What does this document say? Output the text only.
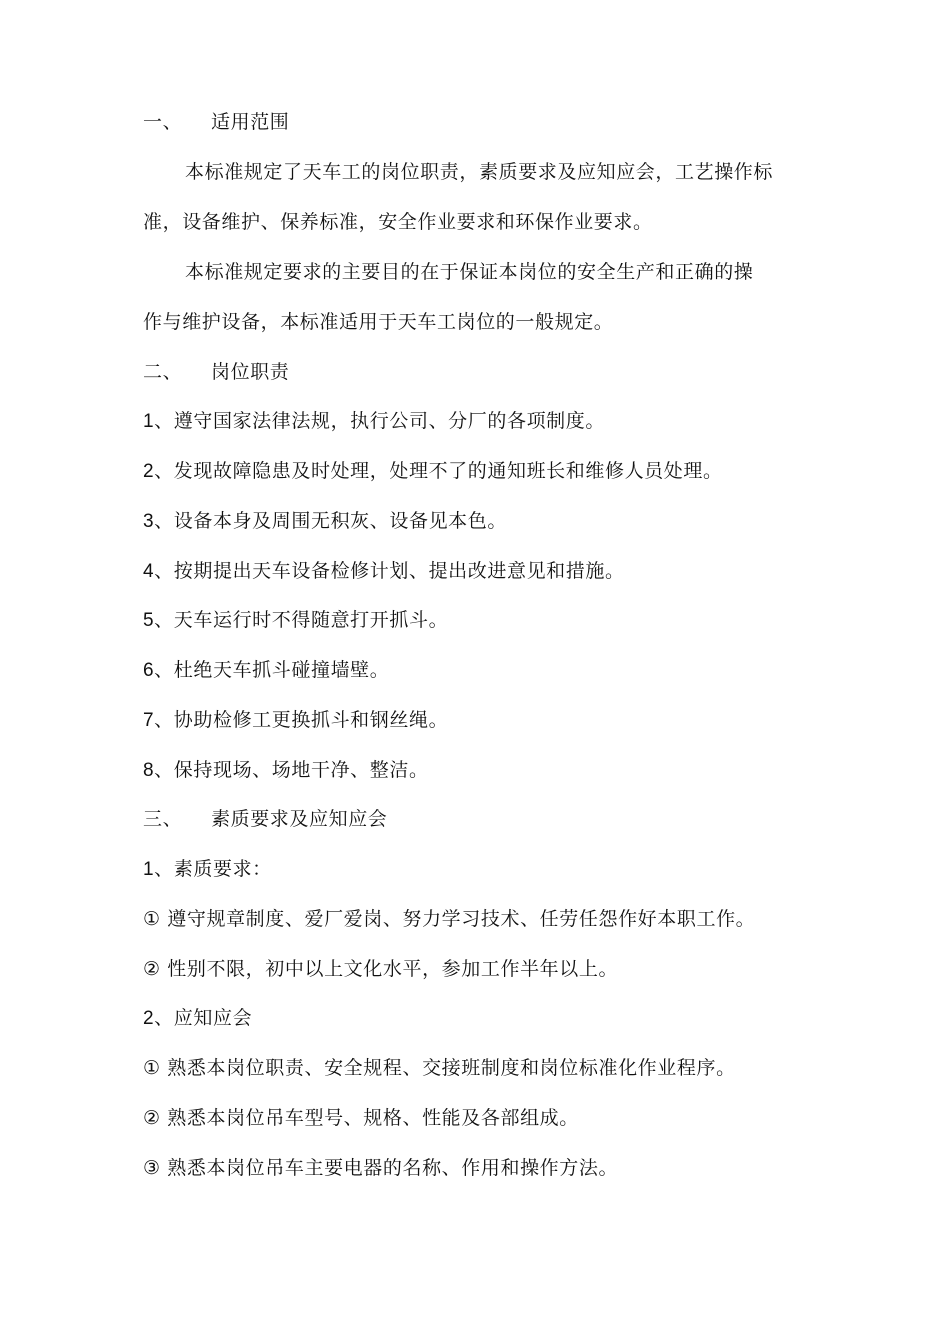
一、 适用范围
本标准规定了天车工的岗位职责，素质要求及应知应会，工艺操作标
准，设备维护、保养标准，安全作业要求和环保作业要求。
本标准规定要求的主要目的在于保证本岗位的安全生产和正确的操
作与维护设备，本标准适用于天车工岗位的一般规定。
二、 岗位职责
1、遵守国家法律法规，执行公司、分厂的各项制度。
2、发现故障隐患及时处理，处理不了的通知班长和维修人员处理。
3、设备本身及周围无积灰、设备见本色。
4、按期提出天车设备检修计划、提出改进意见和措施。
5、天车运行时不得随意打开抓斗。
6、杜绝天车抓斗碰撞墙壁。
7、协助检修工更换抓斗和钢丝绳。
8、保持现场、场地干净、整洁。
三、 素质要求及应知应会
1、素质要求：
① 遵守规章制度、爱厂爱岗、努力学习技术、任劳任怨作好本职工作。
② 性别不限，初中以上文化水平，参加工作半年以上。
2、应知应会
① 熟悉本岗位职责、安全规程、交接班制度和岗位标准化作业程序。
② 熟悉本岗位吊车型号、规格、性能及各部组成。
③ 熟悉本岗位吊车主要电器的名称、作用和操作方法。
